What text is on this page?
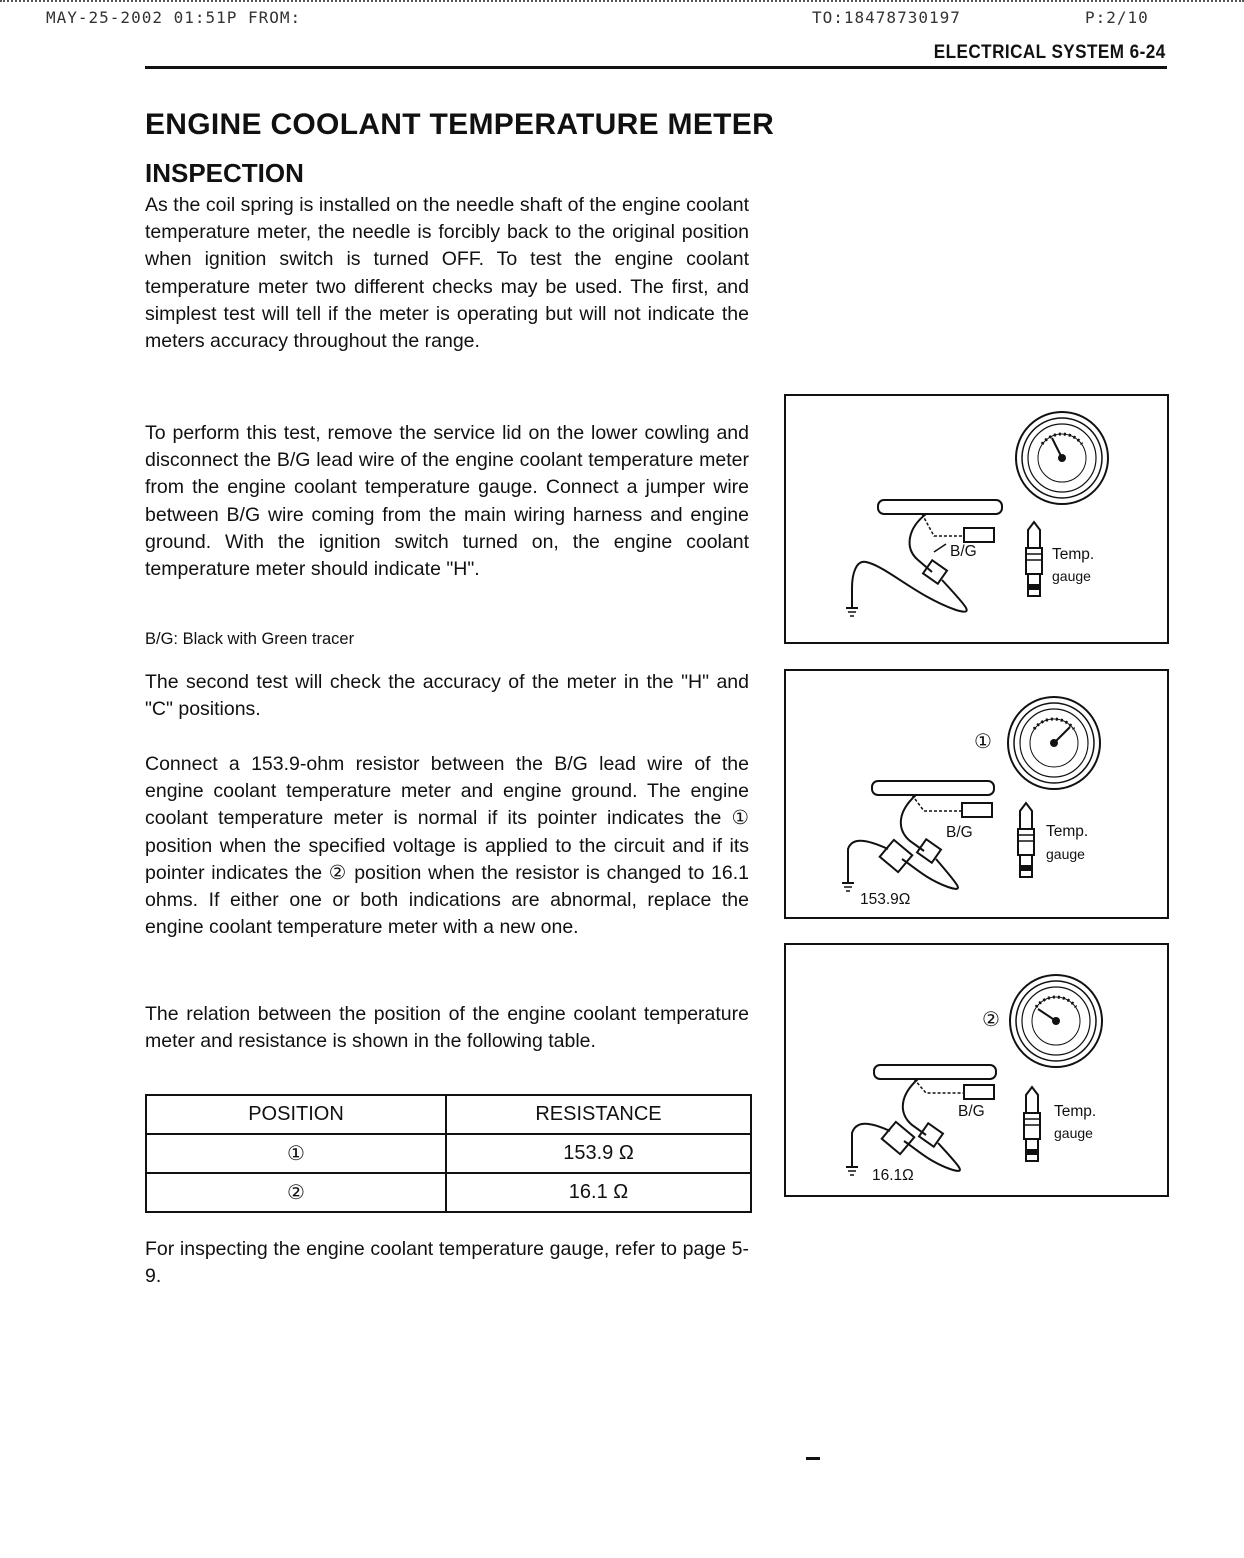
MAY-25-2002 01:51P FROM:	TO:18478730197	P:2/10
ELECTRICAL SYSTEM 6-24
ENGINE COOLANT TEMPERATURE METER
INSPECTION

As the coil spring is installed on the needle shaft of the engine coolant temperature meter, the needle is forcibly back to the original position when ignition switch is turned OFF. To test the engine coolant temperature meter two different checks may be used. The first, and simplest test will tell if the meter is operating but will not indicate the meters accuracy throughout the range.

To perform this test, remove the service lid on the lower cowling and disconnect the B/G lead wire of the engine coolant temperature meter from the engine coolant temperature gauge. Connect a jumper wire between B/G wire coming from the main wiring harness and engine ground. With the ignition switch turned on, the engine coolant temperature meter should indicate "H".

B/G: Black with Green tracer

The second test will check the accuracy of the meter in the "H" and "C" positions.

Connect a 153.9-ohm resistor between the B/G lead wire of the engine coolant temperature meter and engine ground. The engine coolant temperature meter is normal if its pointer indicates the ① position when the specified voltage is applied to the circuit and if its pointer indicates the ② position when the resistor is changed to 16.1 ohms. If either one or both indications are abnormal, replace the engine coolant temperature meter with a new one.

The relation between the position of the engine coolant temperature meter and resistance is shown in the following table.

POSITION	RESISTANCE
①	153.9 Ω
②	16.1 Ω

For inspecting the engine coolant temperature gauge, refer to page 5-9.

B/G	Temp.
gauge
①
B/G	Temp.
gauge
153.9Ω
②
B/G	Temp.
gauge
16.1Ω
